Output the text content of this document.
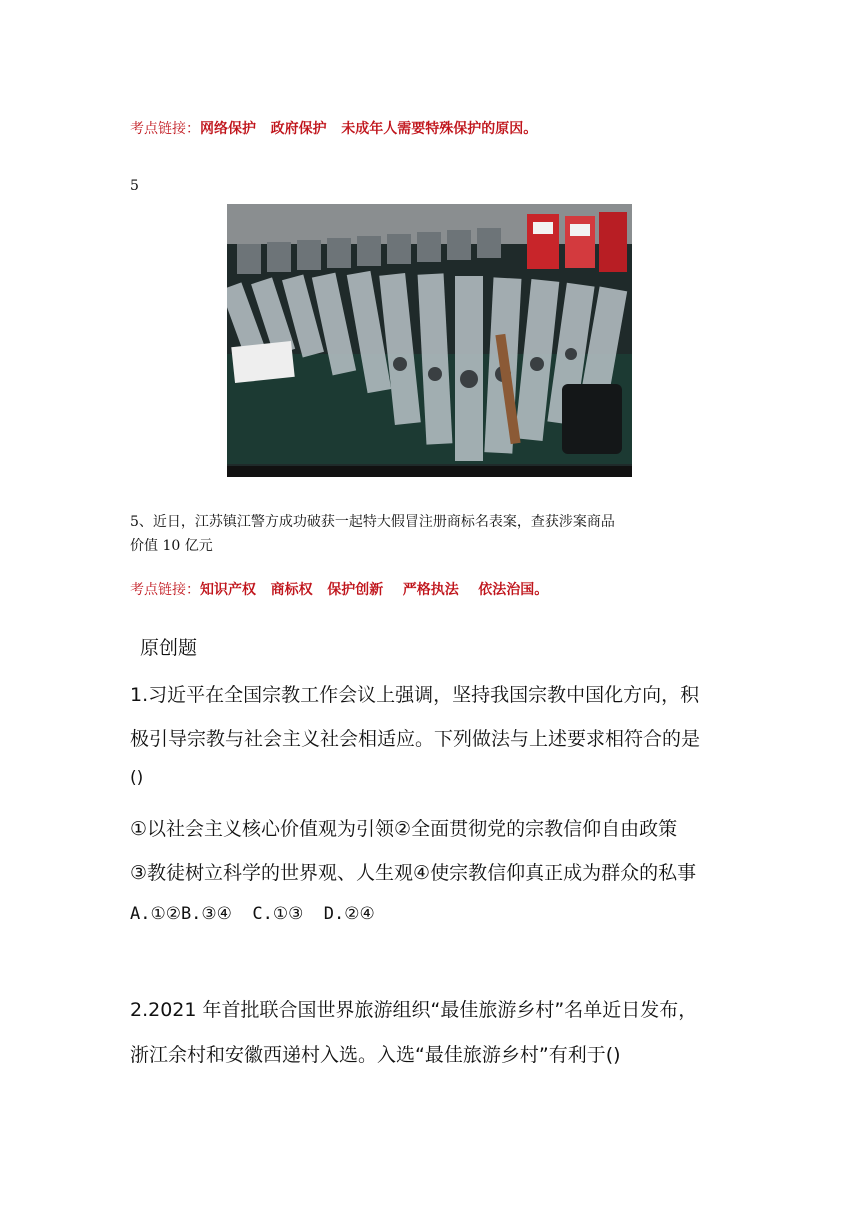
考点链接：网络保护   政府保护   未成年人需要特殊保护的原因。
5
5、近日，江苏镇江警方成功破获一起特大假冒注册商标名表案，查获涉案商品
价值 10 亿元
考点链接：知识产权   商标权   保护创新    严格执法    依法治国。
原创题
1.习近平在全国宗教工作会议上强调，坚持我国宗教中国化方向，积
极引导宗教与社会主义社会相适应。下列做法与上述要求相符合的是
()
①以社会主义核心价值观为引领②全面贯彻党的宗教信仰自由政策
③教徒树立科学的世界观、人生观④使宗教信仰真正成为群众的私事
A.①②B.③④  C.①③  D.②④
2.2021 年首批联合国世界旅游组织“最佳旅游乡村”名单近日发布，
浙江余村和安徽西递村入选。入选“最佳旅游乡村”有利于()
